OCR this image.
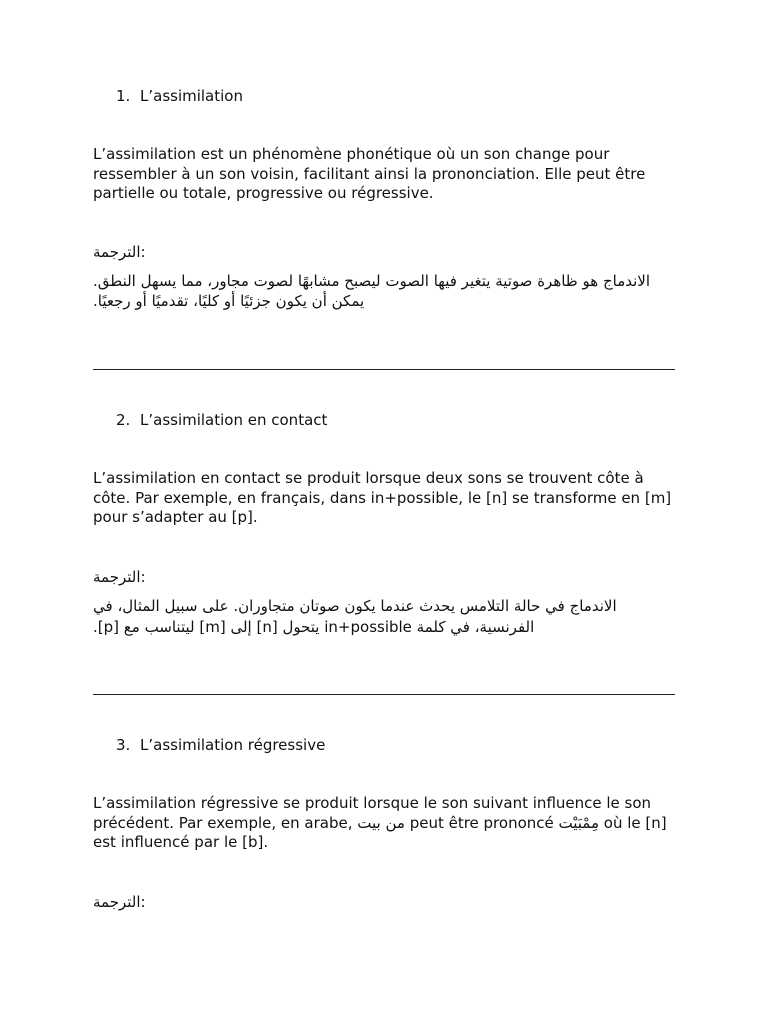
1. L’assimilation
L’assimilation est un phénomène phonétique où un son change pour ressembler à un son voisin, facilitant ainsi la prononciation. Elle peut être partielle ou totale, progressive ou régressive.
الترجمة:
الاندماج هو ظاهرة صوتية يتغير فيها الصوت ليصبح مشابهًا لصوت مجاور، مما يسهل النطق.
يمكن أن يكون جزئيًا أو كليًا، تقدميًا أو رجعيًا.
2. L’assimilation en contact
L’assimilation en contact se produit lorsque deux sons se trouvent côte à côte. Par exemple, en français, dans in+possible, le [n] se transforme en [m] pour s’adapter au [p].
الترجمة:
الاندماج في حالة التلامس يحدث عندما يكون صوتان متجاوران. على سبيل المثال، في
الفرنسية، في كلمة in+possible يتحول [n] إلى [m] ليتناسب مع [p].
3. L’assimilation régressive
L’assimilation régressive se produit lorsque le son suivant influence le son précédent. Par exemple, en arabe, من بيت peut être prononcé مِمْبَيْت où le [n] est influencé par le [b].
الترجمة:
